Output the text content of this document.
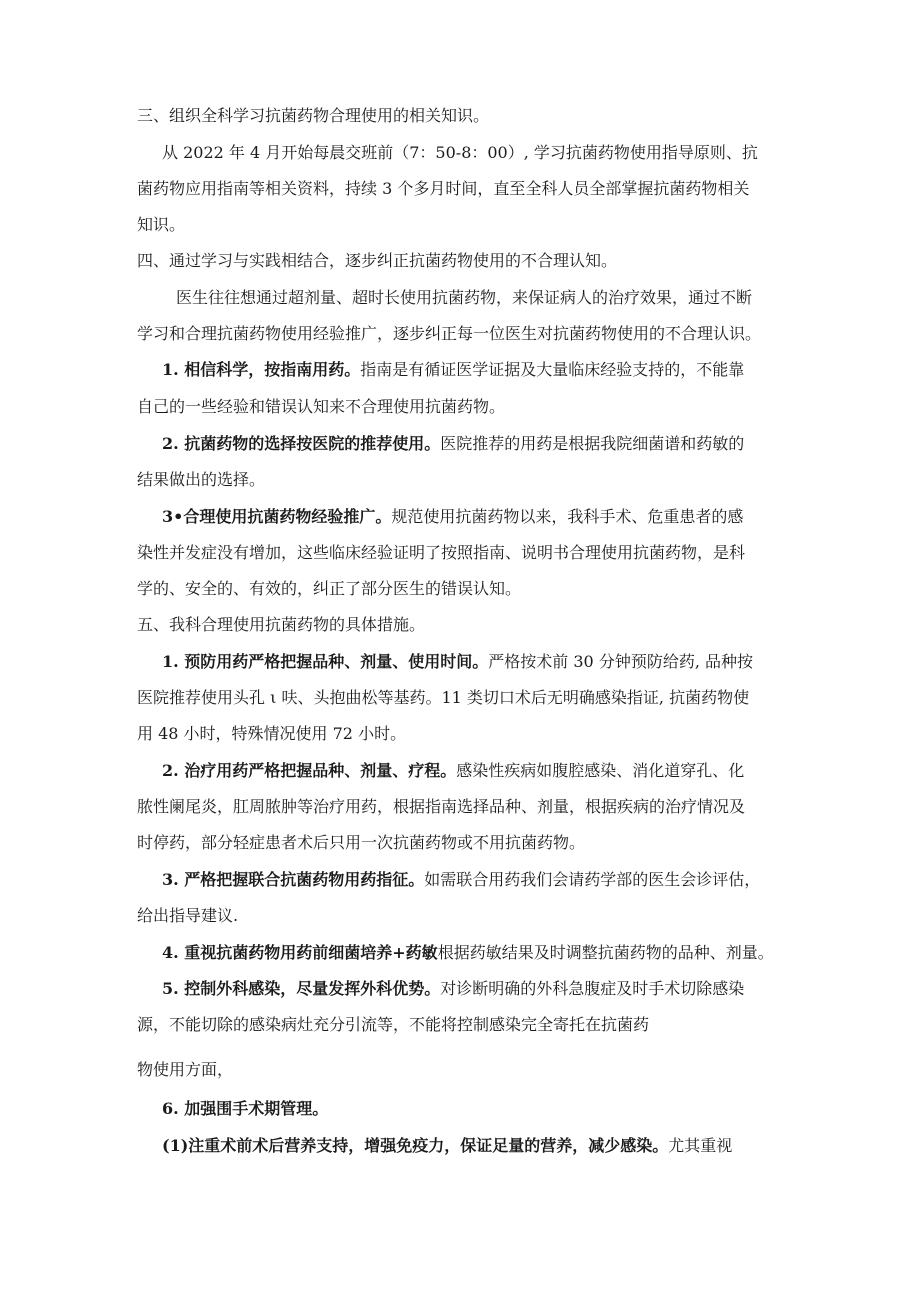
三、组织全科学习抗菌药物合理使用的相关知识。
从 2022 年 4 月开始每晨交班前（7：50-8：00）, 学习抗菌药物使用指导原则、抗
菌药物应用指南等相关资料，持续 3 个多月时间，直至全科人员全部掌握抗菌药物相关
知识。
四、通过学习与实践相结合，逐步纠正抗菌药物使用的不合理认知。
医生往往想通过超剂量、超时长使用抗菌药物，来保证病人的治疗效果，通过不断
学习和合理抗菌药物使用经验推广，逐步纠正每一位医生对抗菌药物使用的不合理认识。
1. 相信科学，按指南用药。指南是有循证医学证据及大量临床经验支持的，不能靠
自己的一些经验和错误认知来不合理使用抗菌药物。
2. 抗菌药物的选择按医院的推荐使用。医院推荐的用药是根据我院细菌谱和药敏的
结果做出的选择。
3•合理使用抗菌药物经验推广。规范使用抗菌药物以来，我科手术、危重患者的感
染性并发症没有增加，这些临床经验证明了按照指南、说明书合理使用抗菌药物，是科
学的、安全的、有效的，纠正了部分医生的错误认知。
五、我科合理使用抗菌药物的具体措施。
1. 预防用药严格把握品种、剂量、使用时间。严格按术前 30 分钟预防给药, 品种按
医院推荐使用头孔 ι 呋、头抱曲松等基药。11 类切口术后无明确感染指证, 抗菌药物使
用 48 小时，特殊情况使用 72 小时。
2. 治疗用药严格把握品种、剂量、疗程。感染性疾病如腹腔感染、消化道穿孔、化
脓性阑尾炎，肛周脓肿等治疗用药，根据指南选择品种、剂量，根据疾病的治疗情况及
时停药，部分轻症患者术后只用一次抗菌药物或不用抗菌药物。
3. 严格把握联合抗菌药物用药指征。如需联合用药我们会请药学部的医生会诊评估，
给出指导建议.
4. 重视抗菌药物用药前细菌培养+药敏根据药敏结果及时调整抗菌药物的品种、剂量。
5. 控制外科感染，尽量发挥外科优势。对诊断明确的外科急腹症及时手术切除感染
源，不能切除的感染病灶充分引流等，不能将控制感染完全寄托在抗菌药
物使用方面，
6. 加强围手术期管理。
(1)注重术前术后营养支持，增强免疫力，保证足量的营养，减少感染。尤其重视
